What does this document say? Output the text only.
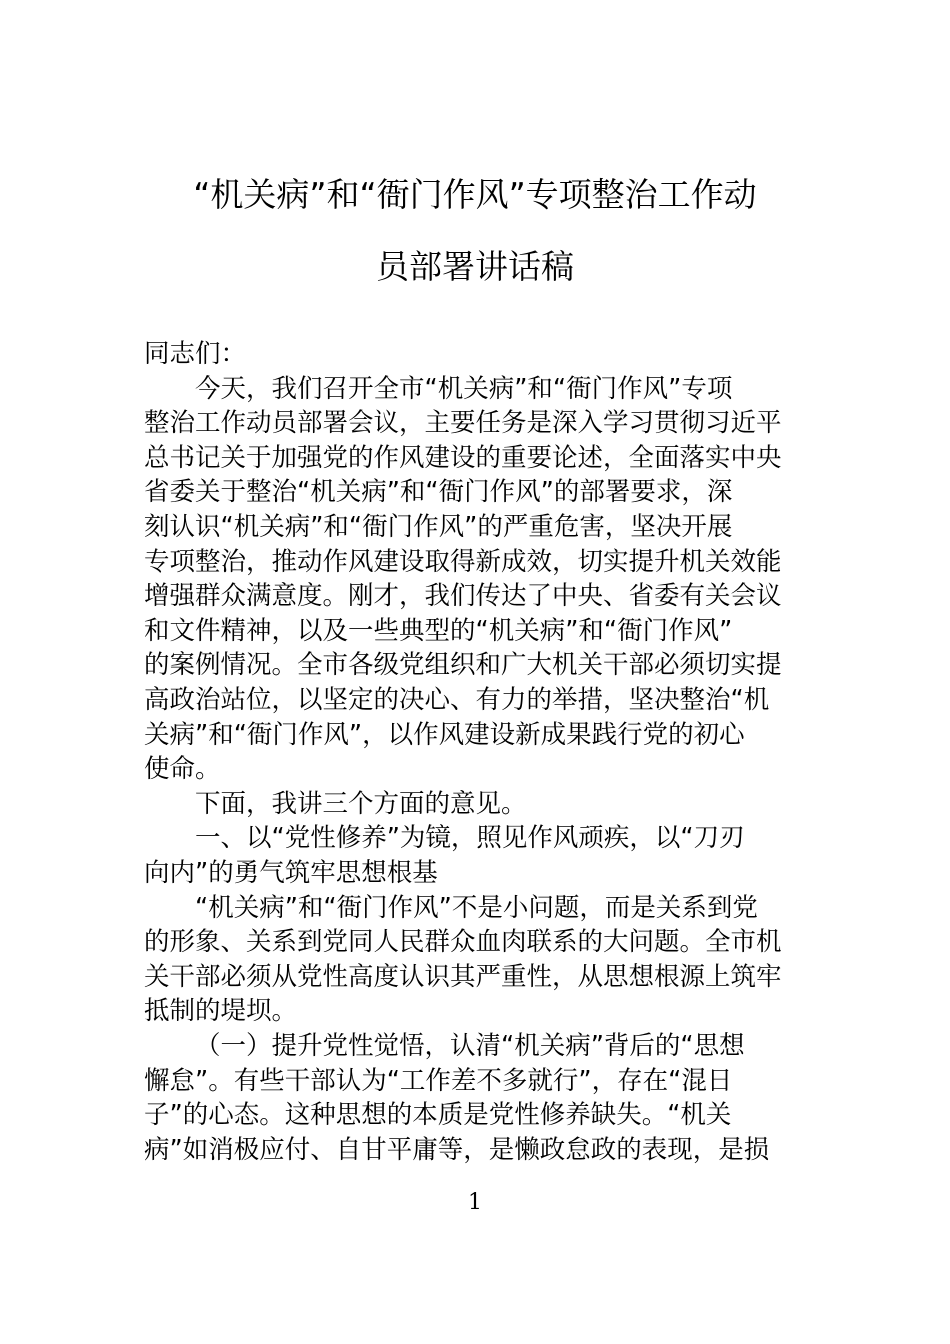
“机关病”和“衙门作风”专项整治工作动
员部署讲话稿
同志们：
今天，我们召开全市“机关病”和“衙门作风”专项
整治工作动员部署会议，主要任务是深入学习贯彻习近平
总书记关于加强党的作风建设的重要论述，全面落实中央
省委关于整治“机关病”和“衙门作风”的部署要求，深
刻认识“机关病”和“衙门作风”的严重危害，坚决开展
专项整治，推动作风建设取得新成效，切实提升机关效能
增强群众满意度。刚才，我们传达了中央、省委有关会议
和文件精神，以及一些典型的“机关病”和“衙门作风”
的案例情况。全市各级党组织和广大机关干部必须切实提
高政治站位，以坚定的决心、有力的举措，坚决整治“机
关病”和“衙门作风”，以作风建设新成果践行党的初心
使命。
下面，我讲三个方面的意见。
一、以“党性修养”为镜，照见作风顽疾，以“刀刃
向内”的勇气筑牢思想根基
“机关病”和“衙门作风”不是小问题，而是关系到党
的形象、关系到党同人民群众血肉联系的大问题。全市机
关干部必须从党性高度认识其严重性，从思想根源上筑牢
抵制的堤坝。
（一）提升党性觉悟，认清“机关病”背后的“思想
懈怠”。有些干部认为“工作差不多就行”，存在“混日
子”的心态。这种思想的本质是党性修养缺失。“机关
病”如消极应付、自甘平庸等，是懒政怠政的表现，是损
1
